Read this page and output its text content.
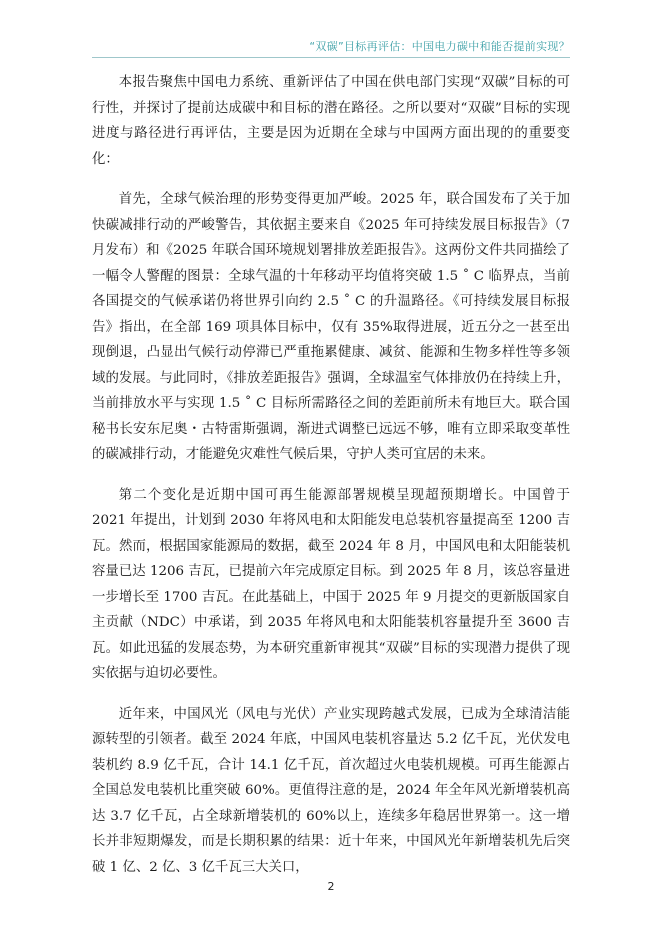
“双碳”目标再评估：中国电力碳中和能否提前实现？

本报告聚焦中国电力系统、重新评估了中国在供电部门实现“双碳”目标的可行性，并探讨了提前达成碳中和目标的潜在路径。之所以要对“双碳”目标的实现进度与路径进行再评估，主要是因为近期在全球与中国两方面出现的的重要变化：

首先，全球气候治理的形势变得更加严峻。2025 年，联合国发布了关于加快碳减排行动的严峻警告，其依据主要来自《2025 年可持续发展目标报告》（7 月发布）和《2025 年联合国环境规划署排放差距报告》。这两份文件共同描绘了一幅令人警醒的图景：全球气温的十年移动平均值将突破 1.5 ˚ C 临界点，当前各国提交的气候承诺仍将世界引向约 2.5 ˚ C 的升温路径。《可持续发展目标报告》指出，在全部 169 项具体目标中，仅有 35%取得进展，近五分之一甚至出现倒退，凸显出气候行动停滞已严重拖累健康、减贫、能源和生物多样性等多领域的发展。与此同时，《排放差距报告》强调，全球温室气体排放仍在持续上升，当前排放水平与实现 1.5 ˚ C 目标所需路径之间的差距前所未有地巨大。联合国秘书长安东尼奥・古特雷斯强调，渐进式调整已远远不够，唯有立即采取变革性的碳减排行动，才能避免灾难性气候后果，守护人类可宜居的未来。

第二个变化是近期中国可再生能源部署规模呈现超预期增长。中国曾于 2021 年提出，计划到 2030 年将风电和太阳能发电总装机容量提高至 1200 吉瓦。然而，根据国家能源局的数据，截至 2024 年 8 月，中国风电和太阳能装机容量已达 1206 吉瓦，已提前六年完成原定目标。到 2025 年 8 月，该总容量进一步增长至 1700 吉瓦。在此基础上，中国于 2025 年 9 月提交的更新版国家自主贡献（NDC）中承诺，到 2035 年将风电和太阳能装机容量提升至 3600 吉瓦。如此迅猛的发展态势，为本研究重新审视其“双碳”目标的实现潜力提供了现实依据与迫切必要性。

近年来，中国风光（风电与光伏）产业实现跨越式发展，已成为全球清洁能源转型的引领者。截至 2024 年底，中国风电装机容量达 5.2 亿千瓦，光伏发电装机约 8.9 亿千瓦，合计 14.1 亿千瓦，首次超过火电装机规模。可再生能源占全国总发电装机比重突破 60%。更值得注意的是，2024 年全年风光新增装机高达 3.7 亿千瓦，占全球新增装机的 60%以上，连续多年稳居世界第一。这一增长并非短期爆发，而是长期积累的结果：近十年来，中国风光年新增装机先后突破 1 亿、2 亿、3 亿千瓦三大关口，

2
